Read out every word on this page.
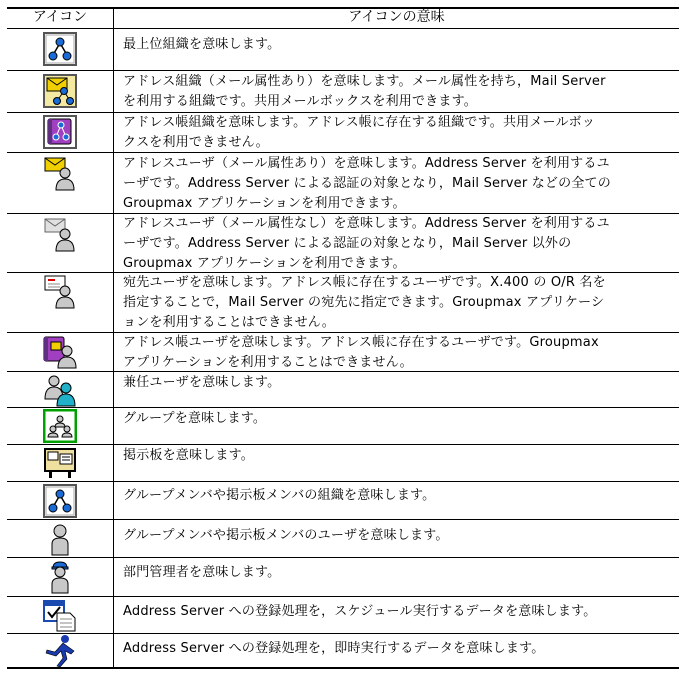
アイコン	アイコンの意味
最上位組織を意味します。
アドレス組織（メール属性あり）を意味します。メール属性を持ち，Mail Server
を利用する組織です。共用メールボックスを利用できます。
アドレス帳組織を意味します。アドレス帳に存在する組織です。共用メールボッ
クスを利用できません。
アドレスユーザ（メール属性あり）を意味します。Address Server を利用するユ
ーザです。Address Server による認証の対象となり，Mail Server などの全ての
Groupmax アプリケーションを利用できます。
アドレスユーザ（メール属性なし）を意味します。Address Server を利用するユ
ーザです。Address Server による認証の対象となり，Mail Server 以外の
Groupmax アプリケーションを利用できます。
宛先ユーザを意味します。アドレス帳に存在するユーザです。X.400 の O/R 名を
指定することで，Mail Server の宛先に指定できます。Groupmax アプリケーシ
ョンを利用することはできません。
アドレス帳ユーザを意味します。アドレス帳に存在するユーザです。Groupmax
アプリケーションを利用することはできません。
兼任ユーザを意味します。
グループを意味します。
掲示板を意味します。
グループメンバや掲示板メンバの組織を意味します。
グループメンバや掲示板メンバのユーザを意味します。
部門管理者を意味します。
Address Server への登録処理を，スケジュール実行するデータを意味します。
Address Server への登録処理を，即時実行するデータを意味します。
